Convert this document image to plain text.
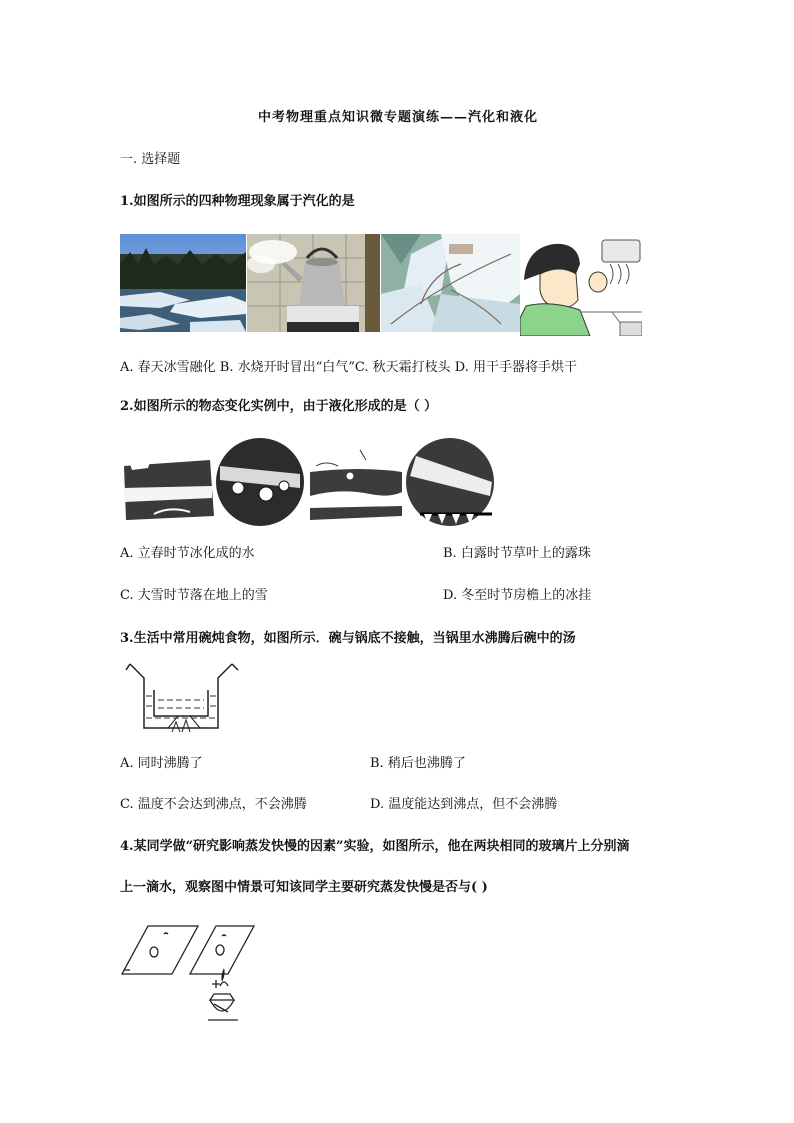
中考物理重点知识微专题演练——汽化和液化
一. 选择题
1.如图所示的四种物理现象属于汽化的是
A. 春天冰雪融化 B. 水烧开时冒出“白气”C. 秋天霜打枝头 D. 用干手器将手烘干
2.如图所示的物态变化实例中，由于液化形成的是（ ）
A. 立春时节冰化成的水	B. 白露时节草叶上的露珠
C. 大雪时节落在地上的雪	D. 冬至时节房檐上的冰挂
3.生活中常用碗炖食物，如图所示．碗与锅底不接触，当锅里水沸腾后碗中的汤
A. 同时沸腾了	B. 稍后也沸腾了
C. 温度不会达到沸点，不会沸腾	D. 温度能达到沸点，但不会沸腾
4.某同学做“研究影响蒸发快慢的因素”实验，如图所示，他在两块相同的玻璃片上分别滴
上一滴水，观察图中情景可知该同学主要研究蒸发快慢是否与( )
